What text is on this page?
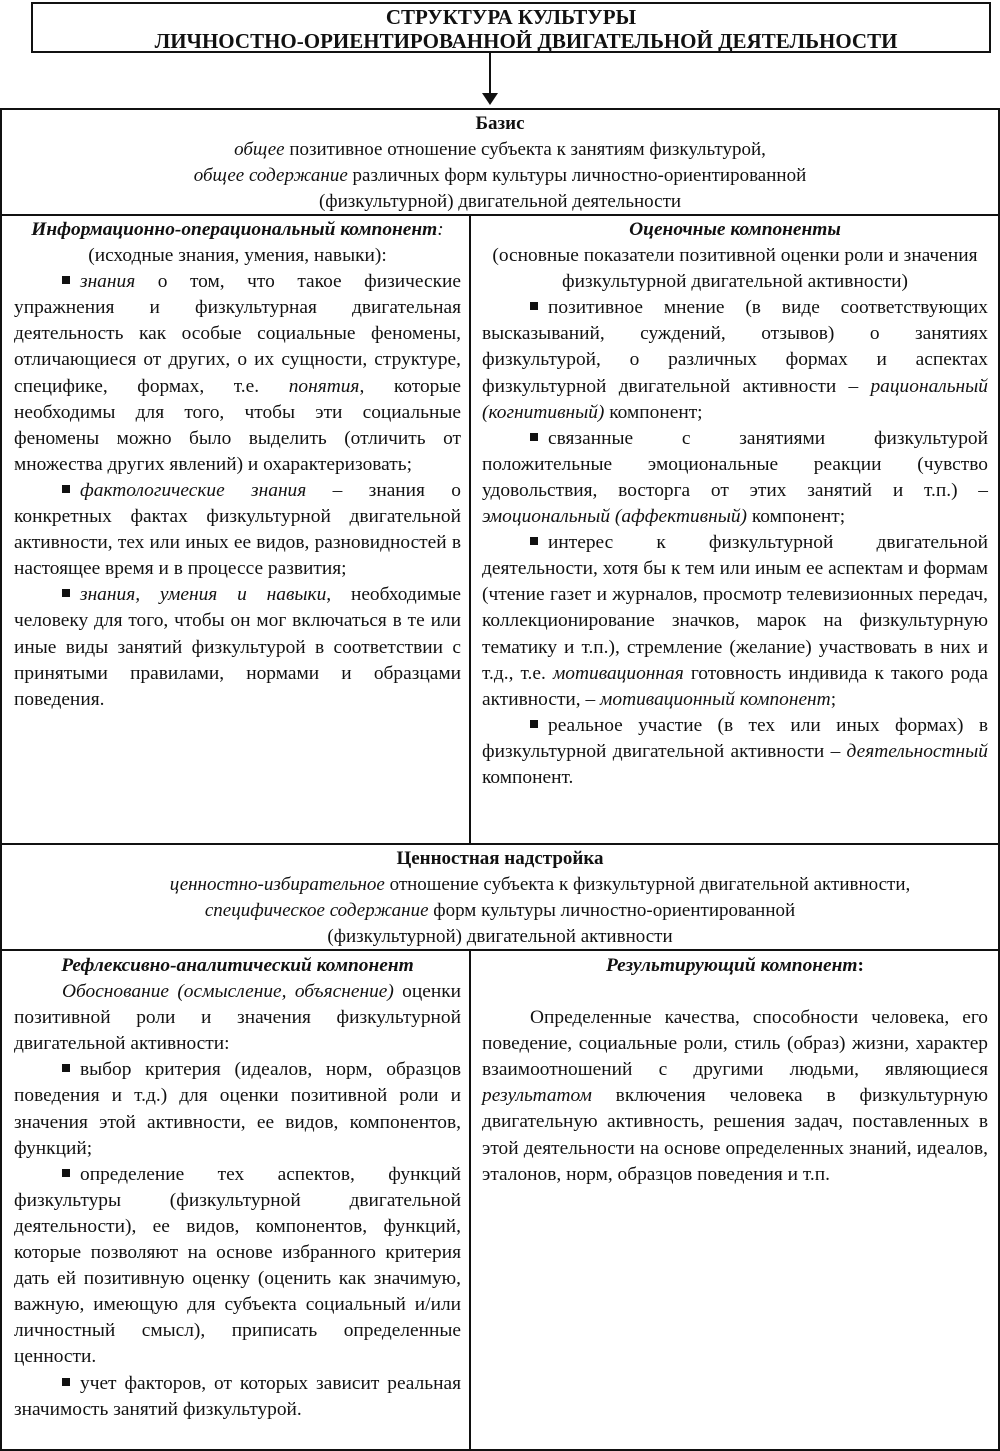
СТРУКТУРА КУЛЬТУРЫ
ЛИЧНОСТНО-ОРИЕНТИРОВАННОЙ ДВИГАТЕЛЬНОЙ ДЕЯТЕЛЬНОСТИ
Базис
общее позитивное отношение субъекта к занятиям физкультурой,
общее содержание различных форм культуры личностно-ориентированной
(физкультурной) двигательной деятельности
Информационно-операциональный компонент:
(исходные знания, умения, навыки):

знания о том, что такое физические упражнения и физкультурная двигательная деятельность как особые социальные феномены, отличающиеся от других, о их сущности, структуре, специфике, формах, т.е. понятия, которые необходимы для того, чтобы эти социальные феномены можно было выделить (отличить от множества других явлений) и охарактеризовать;

фактологические знания – знания о конкретных фактах физкультурной двигательной активности, тех или иных ее видов, разновидностей в настоящее время и в процессе развития;

знания, умения и навыки, необходимые человеку для того, чтобы он мог включаться в те или иные виды занятий физкультурой в соответствии с принятыми правилами, нормами и образцами поведения.

Оценочные компоненты
(основные показатели позитивной оценки роли и значения физкультурной двигательной активности)

позитивное мнение (в виде соответствующих высказываний, суждений, отзывов) о занятиях физкультурой, о различных формах и аспектах физкультурной двигательной активности – рациональный (когнитивный) компонент;

связанные с занятиями физкультурой положительные эмоциональные реакции (чувство удовольствия, восторга от этих занятий и т.п.) – эмоциональный (аффективный) компонент;

интерес к физкультурной двигательной деятельности, хотя бы к тем или иным ее аспектам и формам (чтение газет и журналов, просмотр телевизионных передач, коллекционирование значков, марок на физкультурную тематику и т.п.), стремление (желание) участвовать в них и т.д., т.е. мотивационная готовность индивида к такого рода активности, – мотивационный компонент;

реальное участие (в тех или иных формах) в физкультурной двигательной активности – деятельностный компонент.

Ценностная надстройка
ценностно-избирательное отношение субъекта к физкультурной двигательной активности,
специфическое содержание форм культуры личностно-ориентированной
(физкультурной) двигательной активности
Рефлексивно-аналитический компонент

Обоснование (осмысление, объяснение) оценки позитивной роли и значения физкультурной двигательной активности:

выбор критерия (идеалов, норм, образцов поведения и т.д.) для оценки позитивной роли и значения этой активности, ее видов, компонентов, функций;

определение тех аспектов, функций физкультуры (физкультурной двигательной деятельности), ее видов, компонентов, функций, которые позволяют на основе избранного критерия дать ей позитивную оценку (оценить как значимую, важную, имеющую для субъекта социальный и/или личностный смысл), приписать определенные ценности.

учет факторов, от которых зависит реальная значимость занятий физкультурой.

Результирующий компонент:

Определенные качества, способности человека, его поведение, социальные роли, стиль (образ) жизни, характер взаимоотношений с другими людьми, являющиеся результатом включения человека в физкультурную двигательную активность, решения задач, поставленных в этой деятельности на основе определенных знаний, идеалов, эталонов, норм, образцов поведения и т.п.
